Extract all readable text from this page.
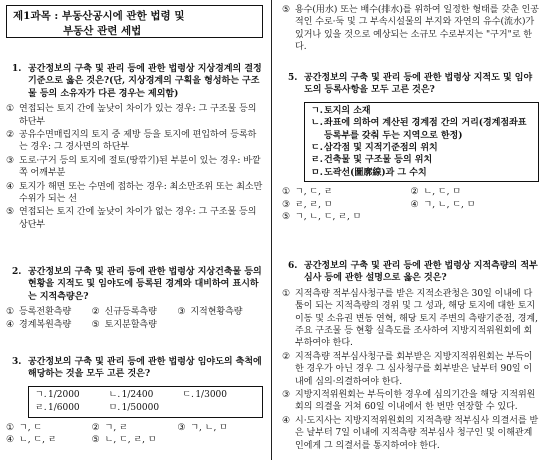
제1과목 : 부동산공시에 관한 법령 및
부동산 관련 세법
1. 공간정보의 구축 및 관리 등에 관한 법령상 지상경계의 결정기준으로 옳은 것은?(단, 지상경계의 구획을 형성하는 구조물 등의 소유자가 다른 경우는 제외함)
① 연접되는 토지 간에 높낮이 차이가 있는 경우: 그 구조물 등의 하단부
② 공유수면매립지의 토지 중 제방 등을 토지에 편입하여 등록하는 경우: 그 경사면의 하단부
③ 도로·구거 등의 토지에 절토(땅깎기)된 부분이 있는 경우: 바깥쪽 어깨부분
④ 토지가 해면 또는 수면에 접하는 경우: 최소만조위 또는 최소만수위가 되는 선
⑤ 연접되는 토지 간에 높낮이 차이가 없는 경우: 그 구조물 등의 상단부
2. 공간정보의 구축 및 관리 등에 관한 법령상 지상건축물 등의 현황을 지적도 및 임야도에 등록된 경계와 대비하여 표시하는 지적측량은?
① 등록전환측량 ② 신규등록측량 ③ 지적현황측량
④ 경계복원측량 ⑤ 토지분할측량
3. 공간정보의 구축 및 관리 등에 관한 법령상 임야도의 축척에 해당하는 것을 모두 고른 것은?
ㄱ. 1/2000	ㄴ. 1/2400	ㄷ. 1/3000
ㄹ. 1/6000	ㅁ. 1/50000
① ㄱ, ㄷ	② ㄱ, ㄹ	③ ㄱ, ㄴ, ㅁ
④ ㄴ, ㄷ, ㄹ	⑤ ㄴ, ㄷ, ㄹ, ㅁ
⑤ 용수(用水) 또는 배수(排水)를 위하여 일정한 형태를 갖춘 인공적인 수로·둑 및 그 부속시설물의 부지와 자연의 유수(流水)가 있거나 있을 것으로 예상되는 소규모 수로부지는 "구거"로 한다.
5. 공간정보의 구축 및 관리 등에 관한 법령상 지적도 및 임야도의 등록사항을 모두 고른 것은?
ㄱ. 토지의 소재
ㄴ. 좌표에 의하여 계산된 경계점 간의 거리(경계점좌표등록부를 갖춰 두는 지역으로 한정)
ㄷ. 삼각점 및 지적기준점의 위치
ㄹ. 건축물 및 구조물 등의 위치
ㅁ. 도곽선(圖廓線)과 그 수치
① ㄱ, ㄷ, ㄹ	② ㄴ, ㄷ, ㅁ
③ ㄹ, ㄹ, ㅁ	④ ㄱ, ㄴ, ㄷ, ㅁ
⑤ ㄱ, ㄴ, ㄷ, ㄹ, ㅁ
6. 공간정보의 구축 및 관리 등에 관한 법령상 지적측량의 적부심사 등에 관한 설명으로 옳은 것은?
① 지적측량 적부심사청구를 받은 지적소관청은 30일 이내에 다툼이 되는 지적측량의 경위 및 그 성과, 해당 토지에 대한 토지이동 및 소유권 변동 연혁, 해당 토지 주변의 측량기준점, 경계, 주요 구조물 등 현황 실측도를 조사하여 지방지적위원회에 회부하여야 한다.
② 지적측량 적부심사청구를 회부받은 지방지적위원회는 부득이한 경우가 아닌 경우 그 심사청구를 회부받은 날부터 90일 이내에 심의·의결하여야 한다.
③ 지방지적위원회는 부득이한 경우에 심의기간을 해당 지적위원회의 의결을 거쳐 60일 이내에서 한 번만 연장할 수 있다.
④ 시·도지사는 지방지적위원회의 지적측량 적부심사 의결서를 받은 날부터 7일 이내에 지적측량 적부심사 청구인 및 이해관계인에게 그 의결서를 통지하여야 한다.
